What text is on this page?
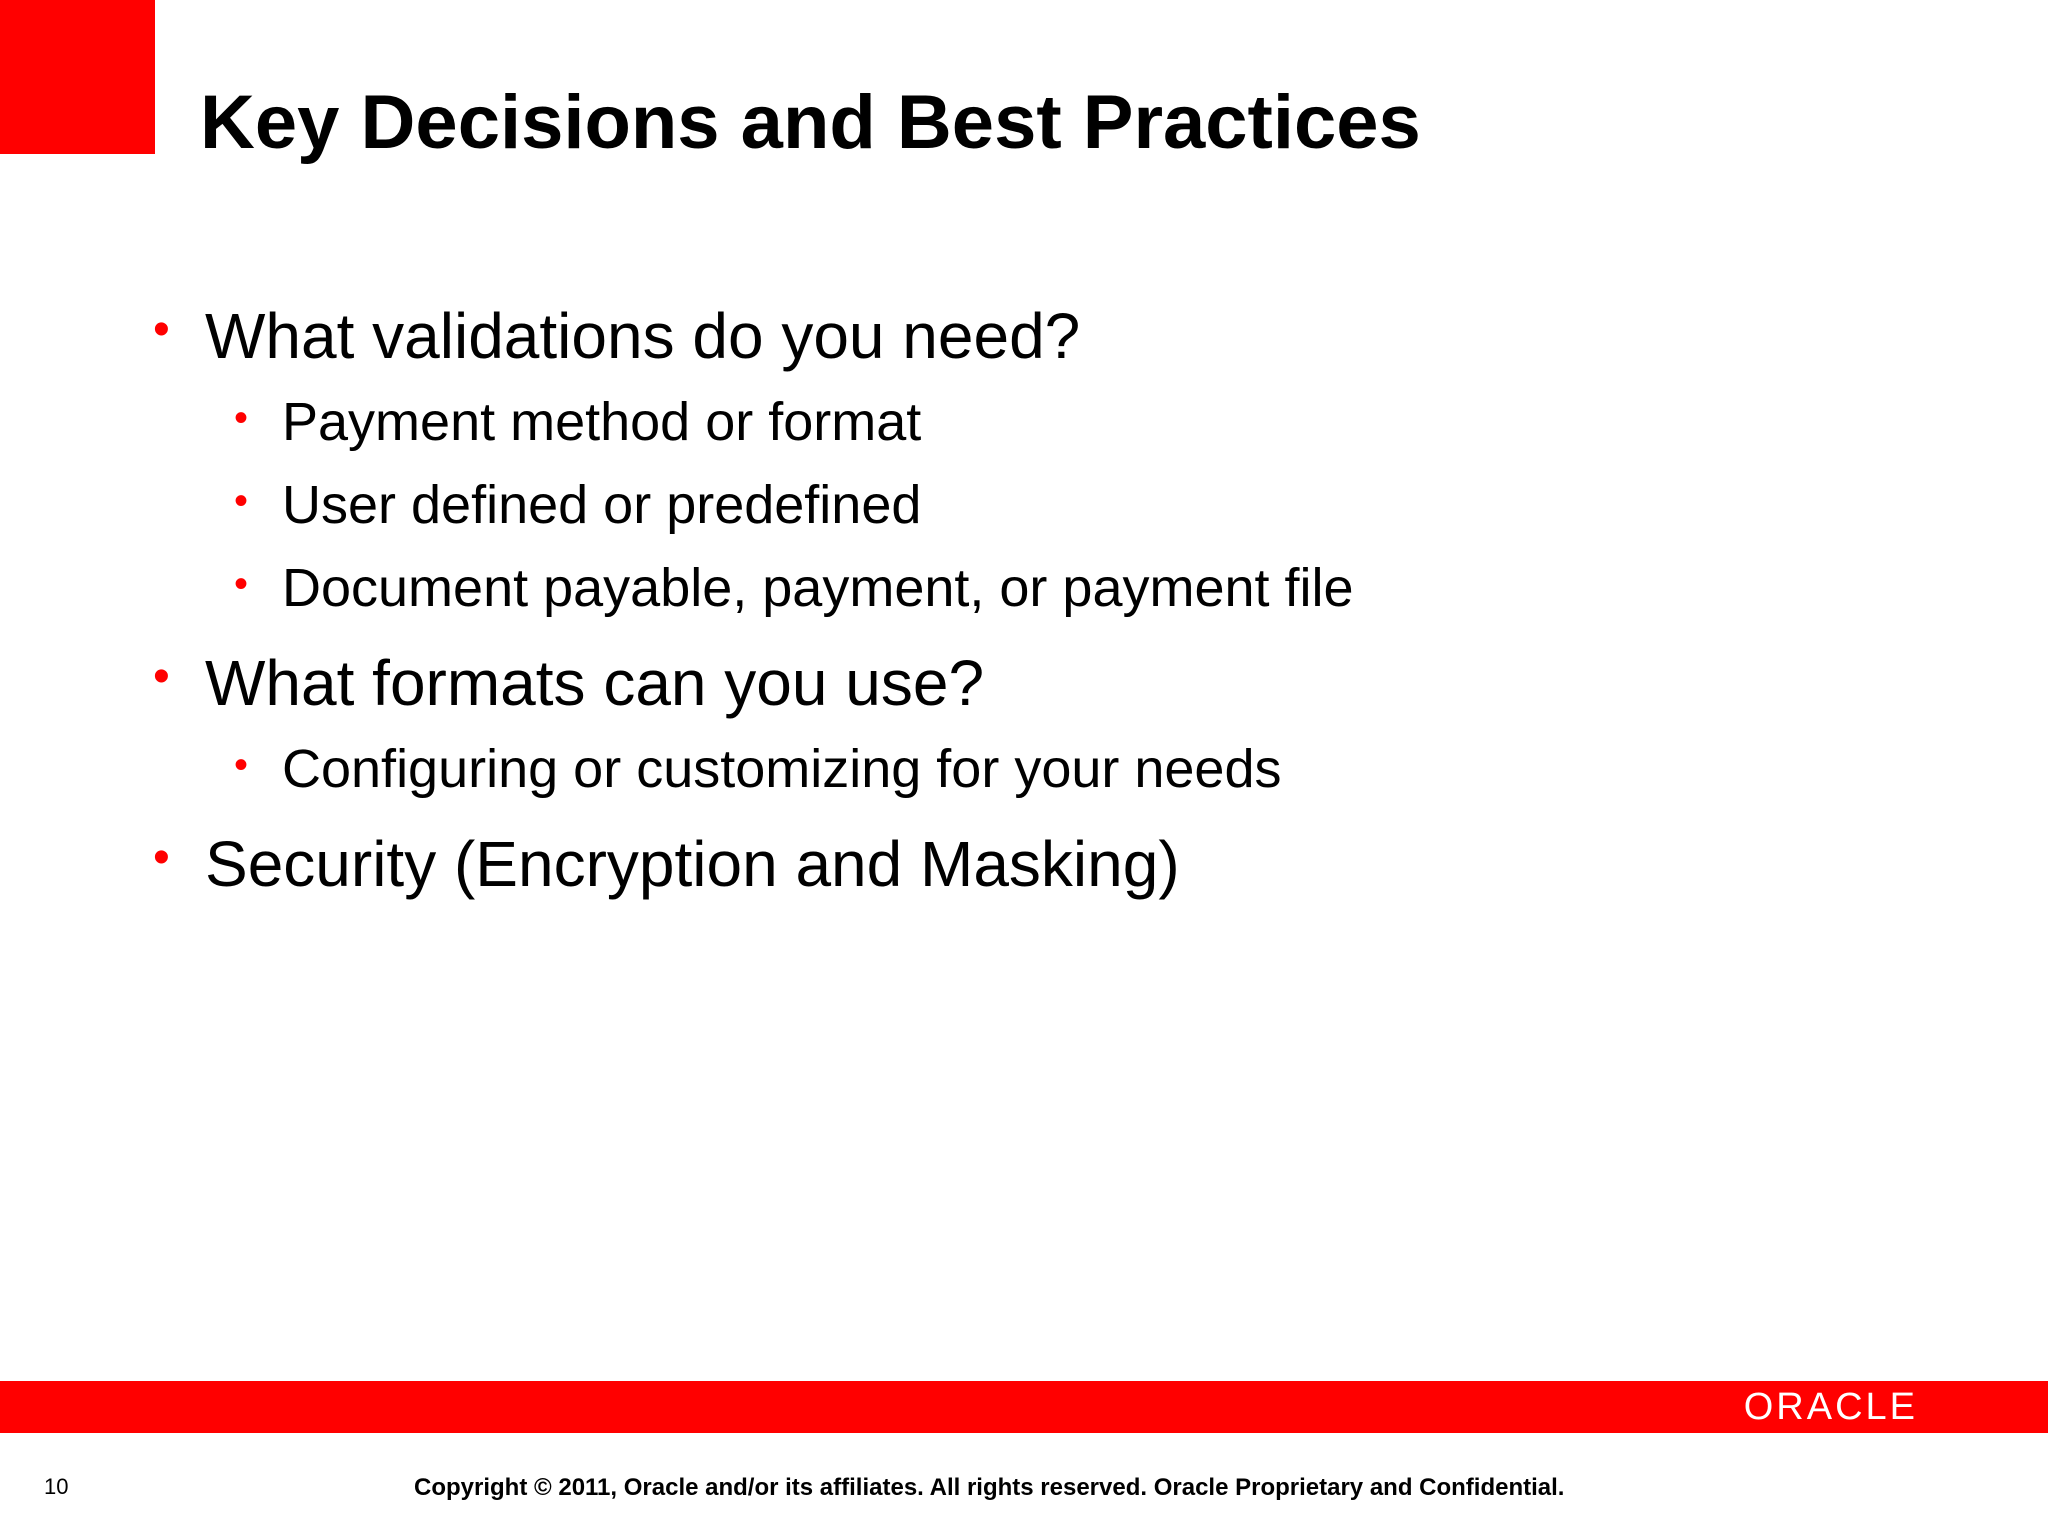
Key Decisions and Best Practices
• What validations do you need?
• Payment method or format
• User defined or predefined
• Document payable, payment, or payment file
• What formats can you use?
• Configuring or customizing for your needs
• Security (Encryption and Masking)
ORACLE
10	Copyright © 2011, Oracle and/or its affiliates. All rights reserved. Oracle Proprietary and Confidential.
